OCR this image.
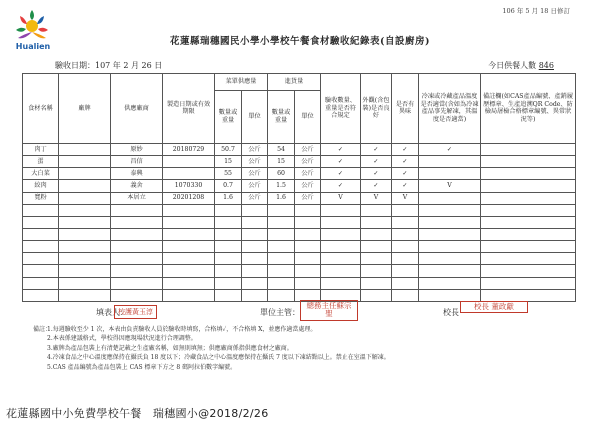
Hualien
106 年 5 月 18 日修訂
花蓮縣瑞穗國民小學小學校午餐食材驗收紀錄表(自設廚房)
驗收日期：107 年 2 月 26 日	今日供餐人數 846
食材名稱	廠牌	供應廠商	製造日期或有效期限	菜單供應量		進貨量		驗收數量、重量是否符合規定	外觀(含包裝)是否良好	是否有異味	冷凍或冷藏產品溫度是否適當(含如為冷凍產品事先解凍，其溫度是否適當)	備註欄(如CAS產品編號、產銷履歷標章、生產追溯QR Code、防檢局屠檢合格標章編號、異常狀況等)
				數量或重量	單位	數量或重量	單位					
肉丁		原妙	20180729	50.7	公斤	54	公斤	✓	✓	✓	✓	
蛋		昌信		15	公斤	15	公斤	✓	✓	✓		
大白菜		泰興		55	公斤	60	公斤	✓	✓	✓		
絞肉		義舍	1070330	0.7	公斤	1.5	公斤	✓	✓	✓	V	
寬粉		本居立	20201208	1.6	公斤	1.6	公斤	V	V	V		

填表人：
校護黃玉淳	單位主管：
總務主任蘇宗聖	校長
校長 董政獻
備註：
1.每週驗收至少 1 次，本表由負責驗收人員於驗收時填寫，合格填✓，不合格填 X，並應作適當處理。
2.本表係建議格式，學校得因應現場狀況進行合理調整。
3.廠牌為產品包裝上有清楚記載之生產廠名稱，如無則填無；供應廠商係指供應食材之廠商。
4.冷凍食品之中心溫度應保持在攝氏負 18 度以下；冷藏食品之中心溫度應保持在攝氏 7 度以下凍結點以上。禁止在室溫下解凍。
5.CAS 產品編號為產品包裝上 CAS 標章下方之 8 碼阿拉伯數字編號。
花蓮縣國中小免費學校午餐　瑞穗國小@2018/2/26
